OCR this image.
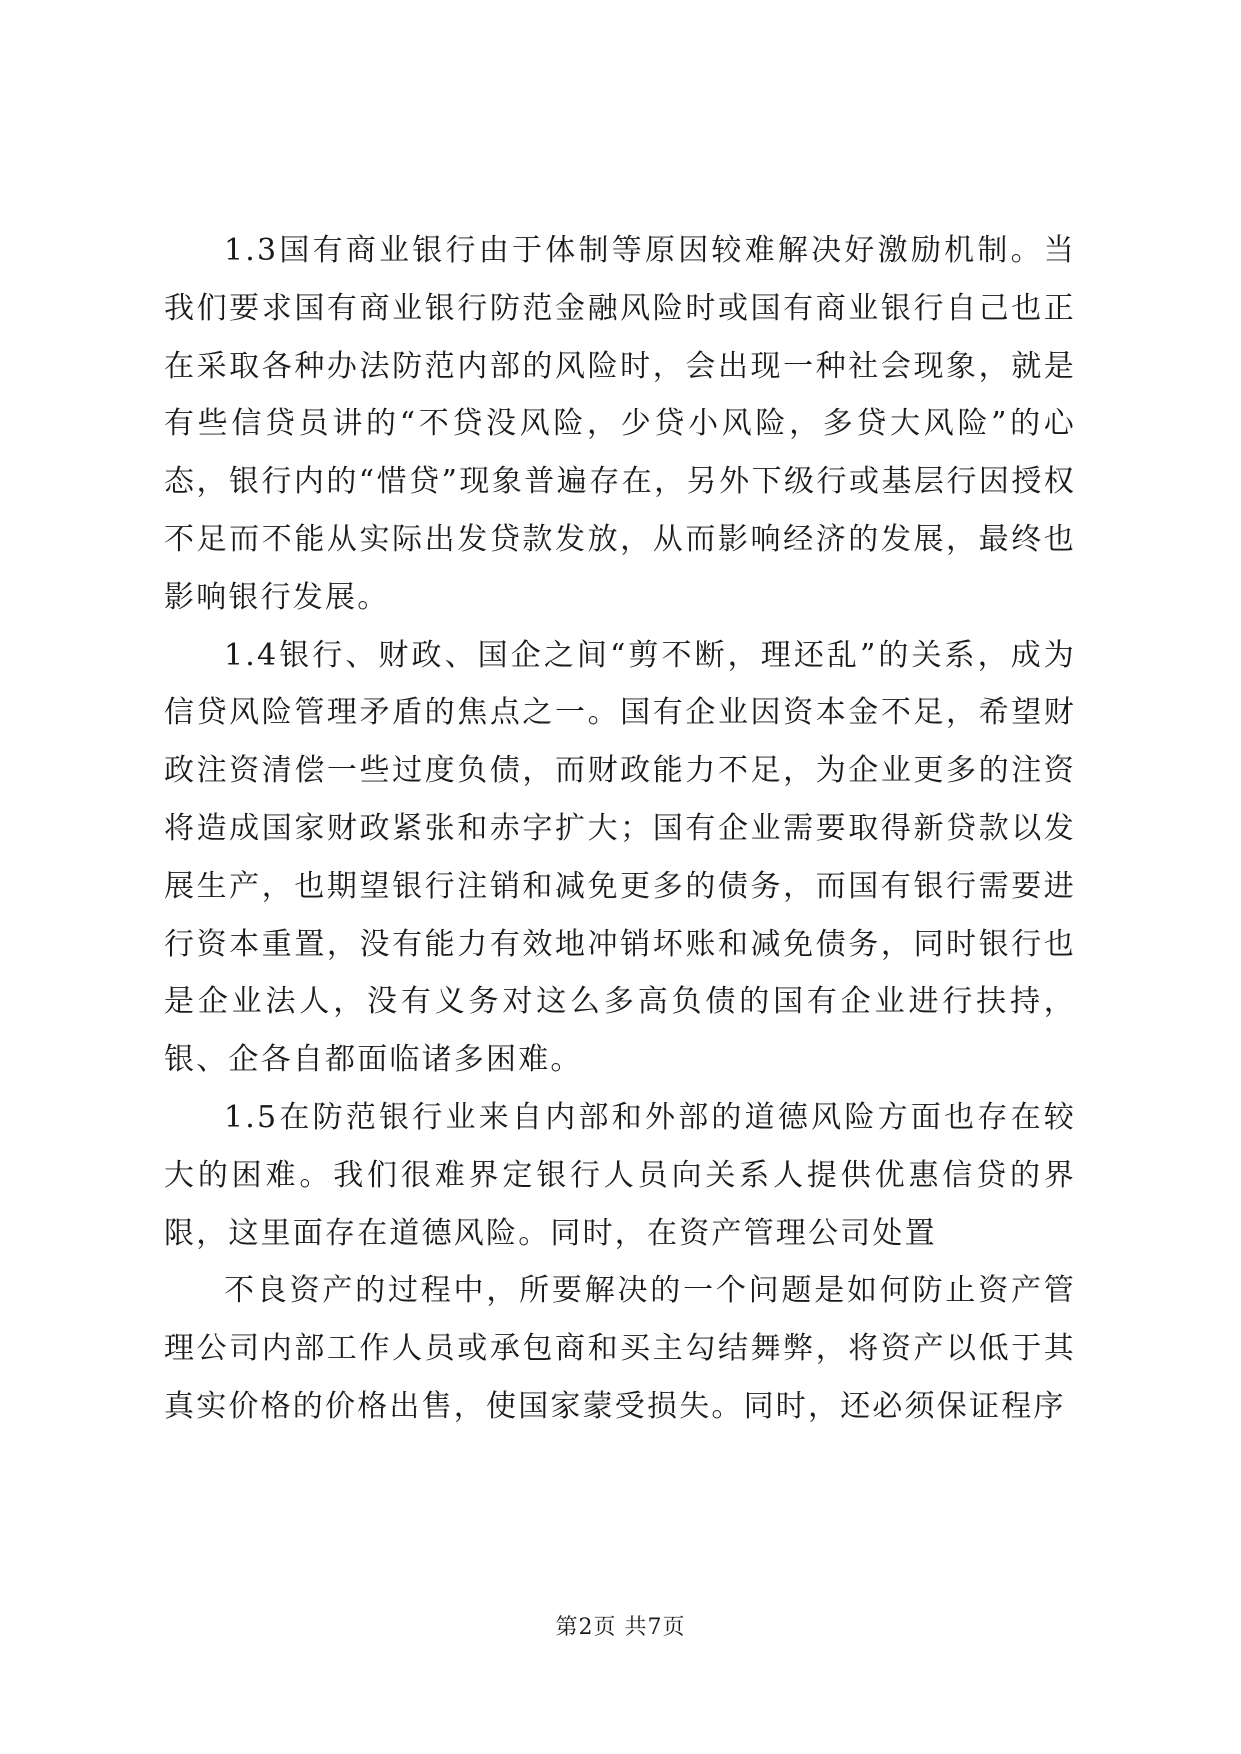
1.3国有商业银行由于体制等原因较难解决好激励机制。当我们要求国有商业银行防范金融风险时或国有商业银行自己也正在采取各种办法防范内部的风险时，会出现一种社会现象，就是有些信贷员讲的“不贷没风险，少贷小风险，多贷大风险”的心态，银行内的“惜贷”现象普遍存在，另外下级行或基层行因授权不足而不能从实际出发贷款发放，从而影响经济的发展，最终也影响银行发展。

1.4银行、财政、国企之间“剪不断，理还乱”的关系，成为信贷风险管理矛盾的焦点之一。国有企业因资本金不足，希望财政注资清偿一些过度负债，而财政能力不足，为企业更多的注资将造成国家财政紧张和赤字扩大；国有企业需要取得新贷款以发展生产，也期望银行注销和减免更多的债务，而国有银行需要进行资本重置，没有能力有效地冲销坏账和减免债务，同时银行也是企业法人，没有义务对这么多高负债的国有企业进行扶持，银、企各自都面临诸多困难。

1.5在防范银行业来自内部和外部的道德风险方面也存在较大的困难。我们很难界定银行人员向关系人提供优惠信贷的界限，这里面存在道德风险。同时，在资产管理公司处置

不良资产的过程中，所要解决的一个问题是如何防止资产管理公司内部工作人员或承包商和买主勾结舞弊，将资产以低于其真实价格的价格出售，使国家蒙受损失。同时，还必须保证程序

第2页 共7页
